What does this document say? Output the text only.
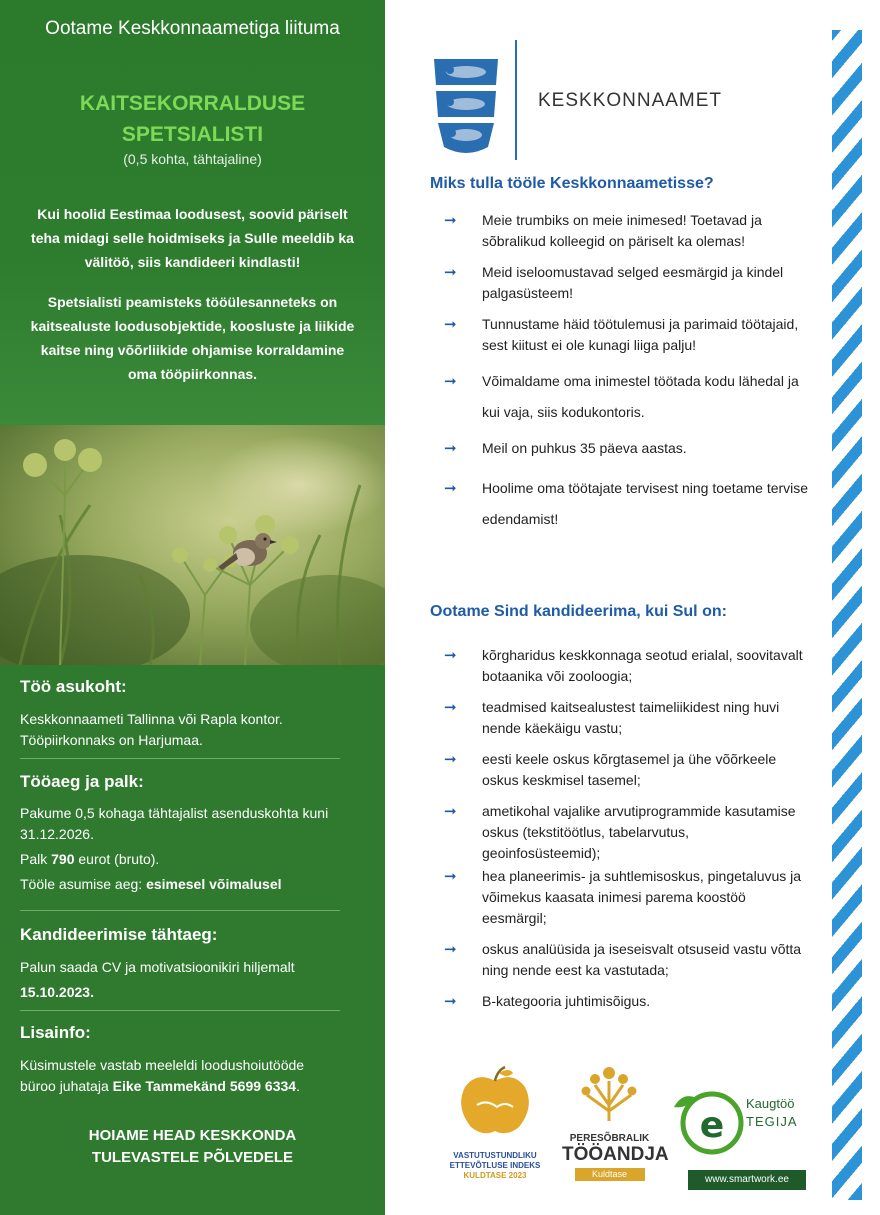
Ootame Keskkonnaametiga liituma
KAITSEKORRALDUSE
SPETSIALISTI
(0,5 kohta, tähtajaline)
Kui hoolid Eestimaa loodusest, soovid päriselt teha midagi selle hoidmiseks ja Sulle meeldib ka välitöö, siis kandideeri kindlasti!
Spetsialisti peamisteks tööülesanneteks on kaitsealuste loodusobjektide, koosluste ja liikide kaitse ning võõrliikide ohjamise korraldamine oma tööpiirkonnas.
Töö asukoht:

Keskkonnaameti Tallinna või Rapla kontor.

Tööpiirkonnaks on Harjumaa.

Tööaeg ja palk:

Pakume 0,5 kohaga tähtajalist asenduskohta kuni 31.12.2026.

Palk 790 eurot (bruto).

Tööle asumise aeg: esimesel võimalusel

Kandideerimise tähtaeg:

Palun saada CV ja motivatsioonikiri hiljemalt

15.10.2023.

Lisainfo:

Küsimustele vastab meeleldi loodushoiutööde büroo juhataja Eike Tammekänd 5699 6334.

HOIAME HEAD KESKKONDA
TULEVASTELE PÕLVEDELE
KESKKONNAAMET
Miks tulla tööle Keskkonnaametisse?
➞ Meie trumbiks on meie inimesed! Toetavad ja sõbralikud kolleegid on päriselt ka olemas!
➞ Meid iseloomustavad selged eesmärgid ja kindel palgasüsteem!
➞ Tunnustame häid töötulemusi ja parimaid töötajaid, sest kiitust ei ole kunagi liiga palju!
➞ Võimaldame oma inimestel töötada kodu lähedal ja kui vaja, siis kodukontoris.
➞ Meil on puhkus 35 päeva aastas.
➞ Hoolime oma töötajate tervisest ning toetame tervise edendamist!
Ootame Sind kandideerima, kui Sul on:
➞ kõrgharidus keskkonnaga seotud erialal, soovitavalt botaanika või zooloogia;
➞ teadmised kaitsealustest taimeliikidest ning huvi nende käekäigu vastu;
➞ eesti keele oskus kõrgtasemel ja ühe võõrkeele oskus keskmisel tasemel;
➞ ametikohal vajalike arvutiprogrammide kasutamise oskus (tekstitöötlus, tabelarvutus, geoinfosüsteemid);
➞ hea planeerimis- ja suhtlemisoskus, pingetaluvus ja võimekus kaasata inimesi parema koostöö eesmärgil;
➞ oskus analüüsida ja iseseisvalt otsuseid vastu võtta ning nende eest ka vastutada;
➞ B-kategooria juhtimisõigus.
VASTUTUSTUNDLIKU
ETTEVÕTLUSE INDEKS
KULDTASE 2023
PERESÕBRALIK
TÖÖANDJA
Kuldtase
e
Kaugtöö
TEGIJA
www.smartwork.ee
